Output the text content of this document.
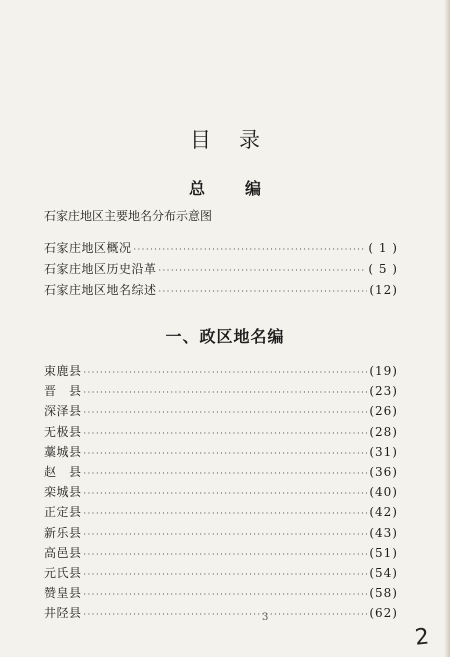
目录
总编
石家庄地区主要地名分布示意图
石家庄地区概况 ·····	( 1 )
石家庄地区历史沿革 ·····	( 5 )
石家庄地区地名综述 ·····	(12)
一、政区地名编
束鹿县 ·····	(19)
晋　县 ·····	(23)
深泽县 ·····	(26)
无极县 ·····	(28)
藁城县 ·····	(31)
赵　县 ·····	(36)
栾城县 ·····	(40)
正定县 ·····	(42)
新乐县 ·····	(43)
高邑县 ·····	(51)
元氏县 ·····	(54)
赞皇县 ·····	(58)
井陉县 ·····	(62)
3
2
